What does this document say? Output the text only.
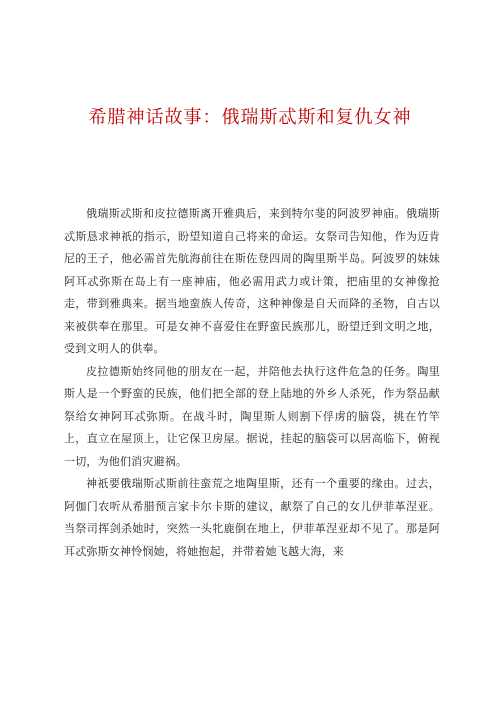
希腊神话故事：俄瑞斯忒斯和复仇女神

俄瑞斯忒斯和皮拉德斯离开雅典后，来到特尔斐的阿波罗神庙。俄瑞斯忒斯恳求神祇的指示，盼望知道自己将来的命运。女祭司告知他，作为迈肯尼的王子，他必需首先航海前往在斯佐登四周的陶里斯半岛。阿波罗的妹妹阿耳忒弥斯在岛上有一座神庙，他必需用武力或计策，把庙里的女神像抢走，带到雅典来。据当地蛮族人传奇，这种神像是自天而降的圣物，自古以来被供奉在那里。可是女神不喜爱住在野蛮民族那儿，盼望迁到文明之地，受到文明人的供奉。

皮拉德斯始终同他的朋友在一起，并陪他去执行这件危急的任务。陶里斯人是一个野蛮的民族，他们把全部的登上陆地的外乡人杀死，作为祭品献祭给女神阿耳忒弥斯。在战斗时，陶里斯人则割下俘虏的脑袋，挑在竹竿上，直立在屋顶上，让它保卫房屋。据说，挂起的脑袋可以居高临下，俯视一切，为他们消灾避祸。

神祇要俄瑞斯忒斯前往蛮荒之地陶里斯，还有一个重要的缘由。过去，阿伽门农听从希腊预言家卡尔卡斯的建议，献祭了自己的女儿伊菲革涅亚。当祭司挥剑杀她时，突然一头牝鹿倒在地上，伊菲革涅亚却不见了。那是阿耳忒弥斯女神怜悯她，将她抱起，并带着她飞越大海，来
